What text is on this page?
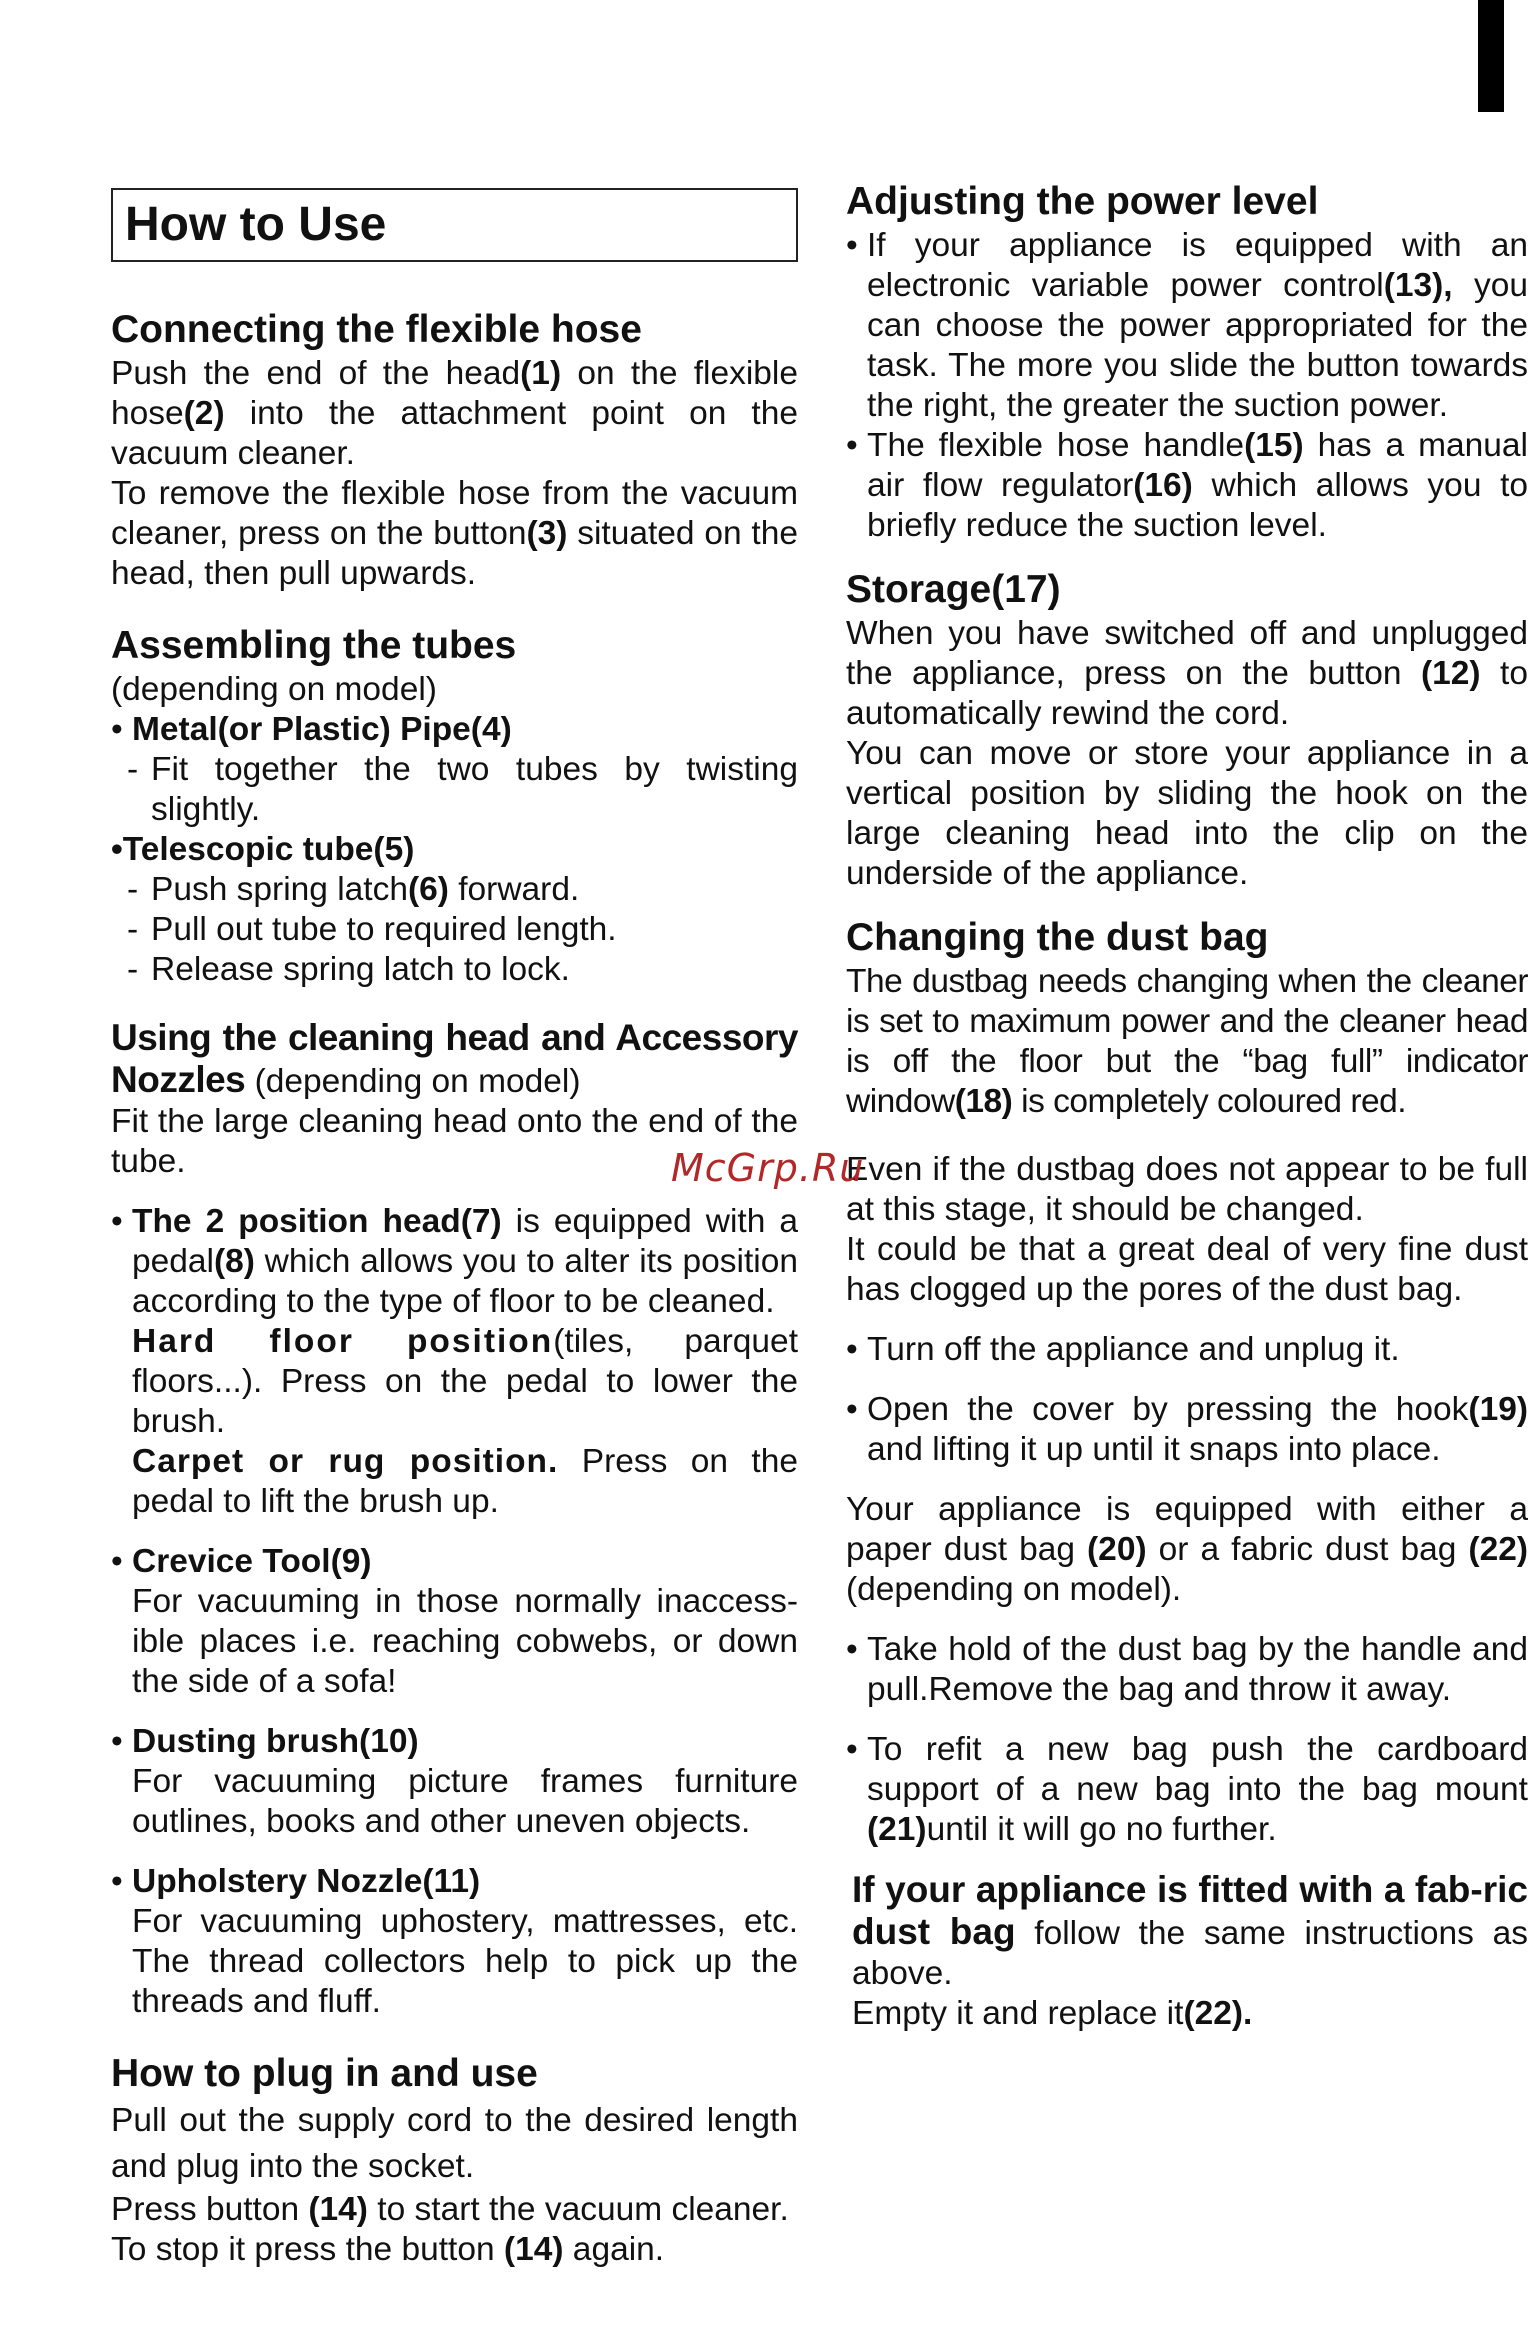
How to Use
Connecting the flexible hose

Push the end of the head(1) on the flexible hose(2) into the attachment point on the vacuum cleaner.

To remove the flexible hose from the vacuum cleaner, press on the button(3) situated on the head, then pull upwards.

Assembling the tubes

(depending on model)

• Metal(or Plastic) Pipe(4)
- Fit together the two tubes by twisting slightly.
•Telescopic tube(5)
- Push spring latch(6) forward.
- Pull out tube to required length.
- Release spring latch to lock.

Using the cleaning head and Accessory Nozzles (depending on model)

Fit the large cleaning head onto the end of the tube.

• The 2 position head(7) is equipped with a pedal(8) which allows you to alter its position according to the type of floor to be cleaned.
Hard floor position(tiles, parquet floors...). Press on the pedal to lower the brush.
Carpet or rug position. Press on the pedal to lift the brush up.
• Crevice Tool(9)
For vacuuming in those normally inaccess-ible places i.e. reaching cobwebs, or down the side of a sofa!
• Dusting brush(10)
For vacuuming picture frames furniture outlines, books and other uneven objects.
• Upholstery Nozzle(11)
For vacuuming uphostery, mattresses, etc. The thread collectors help to pick up the threads and fluff.
How to plug in and use

Pull out the supply cord to the desired length and plug into the socket.

Press button (14) to start the vacuum cleaner.

To stop it press the button (14) again.

Adjusting the power level
• If your appliance is equipped with an electronic variable power control(13), you can choose the power appropriated for the task. The more you slide the button towards the right, the greater the suction power.
• The flexible hose handle(15) has a manual air flow regulator(16) which allows you to briefly reduce the suction level.
Storage(17)

When you have switched off and unplugged the appliance, press on the button (12) to automatically rewind the cord.

You can move or store your appliance in a vertical position by sliding the hook on the large cleaning head into the clip on the underside of the appliance.

Changing the dust bag

The dustbag needs changing when the cleaner is set to maximum power and the cleaner head is off the floor but the “bag full” indicator window(18) is completely coloured red.

Even if the dustbag does not appear to be full at this stage, it should be changed.

It could be that a great deal of very fine dust has clogged up the pores of the dust bag.

• Turn off the appliance and unplug it.
• Open the cover by pressing the hook(19) and lifting it up until it snaps into place.

Your appliance is equipped with either a paper dust bag (20) or a fabric dust bag (22)(depending on model).

• Take hold of the dust bag by the handle and pull.Remove the bag and throw it away.
• To refit a new bag push the cardboard support of a new bag into the bag mount (21)until it will go no further.

If your appliance is fitted with a fab-ric dust bag follow the same instructions as above.

Empty it and replace it(22).

McGrp.Ru
